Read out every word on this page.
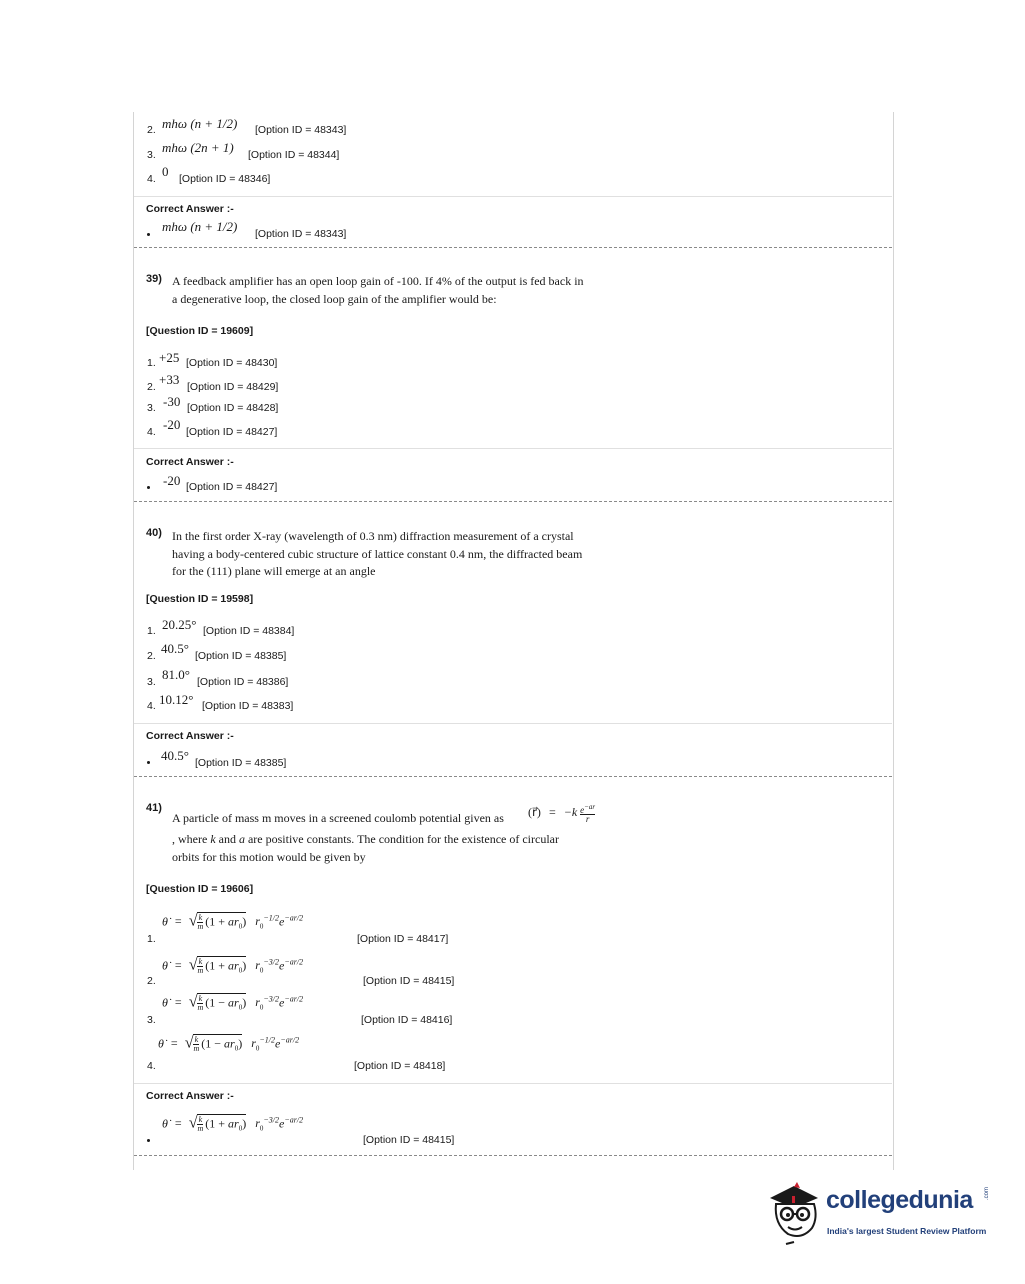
2. mhω (n + 1/2) [Option ID = 48343]
3. mhω (2n + 1) [Option ID = 48344]
4. 0 [Option ID = 48346]
Correct Answer :-
mhω (n + 1/2) [Option ID = 48343]
39) A feedback amplifier has an open loop gain of -100. If 4% of the output is fed back in
a degenerative loop, the closed loop gain of the amplifier would be:
[Question ID = 19609]
1. +25 [Option ID = 48430]
2. +33 [Option ID = 48429]
3. -30 [Option ID = 48428]
4. -20 [Option ID = 48427]
Correct Answer :-
-20 [Option ID = 48427]
40) In the first order X-ray (wavelength of 0.3 nm) diffraction measurement of a crystal
having a body-centered cubic structure of lattice constant 0.4 nm, the diffracted beam
for the (111) plane will emerge at an angle
[Question ID = 19598]
1. 20.25° [Option ID = 48384]
2. 40.5° [Option ID = 48385]
3. 81.0° [Option ID = 48386]
4. 10.12° [Option ID = 48383]
Correct Answer :-
40.5° [Option ID = 48385]
41)
A particle of mass m moves in a screened coulomb potential given as (r⃗) = $-k \frac{e^{-ar}}{r}$
, where k and a are positive constants. The condition for the existence of circular
orbits for this motion would be given by
[Question ID = 19606]
1.
θ̇ = $√\frac{k}{m} (1 + ar_0)$ $r_0^{-1/2}e^{-ar/2}$
[Option ID = 48417]
2.
θ̇ = $√\frac{k}{m} (1 + ar_0)$ $r_0^{-3/2}e^{-ar/2}$
[Option ID = 48415]
3.
θ̇ = $√\frac{k}{m} (1 - ar_0)$ $r_0^{-3/2}e^{-ar/2}$
[Option ID = 48416]
4.
θ̇ = $√\frac{k}{m} (1 - ar_0)$ $r_0^{-1/2}e^{-ar/2}$
[Option ID = 48418]
Correct Answer :-
θ̇ = $√\frac{k}{m} (1 + ar_0)$ $r_0^{-3/2}e^{-ar/2}$
[Option ID = 48415]
collegedunia .com
India's largest Student Review Platform
